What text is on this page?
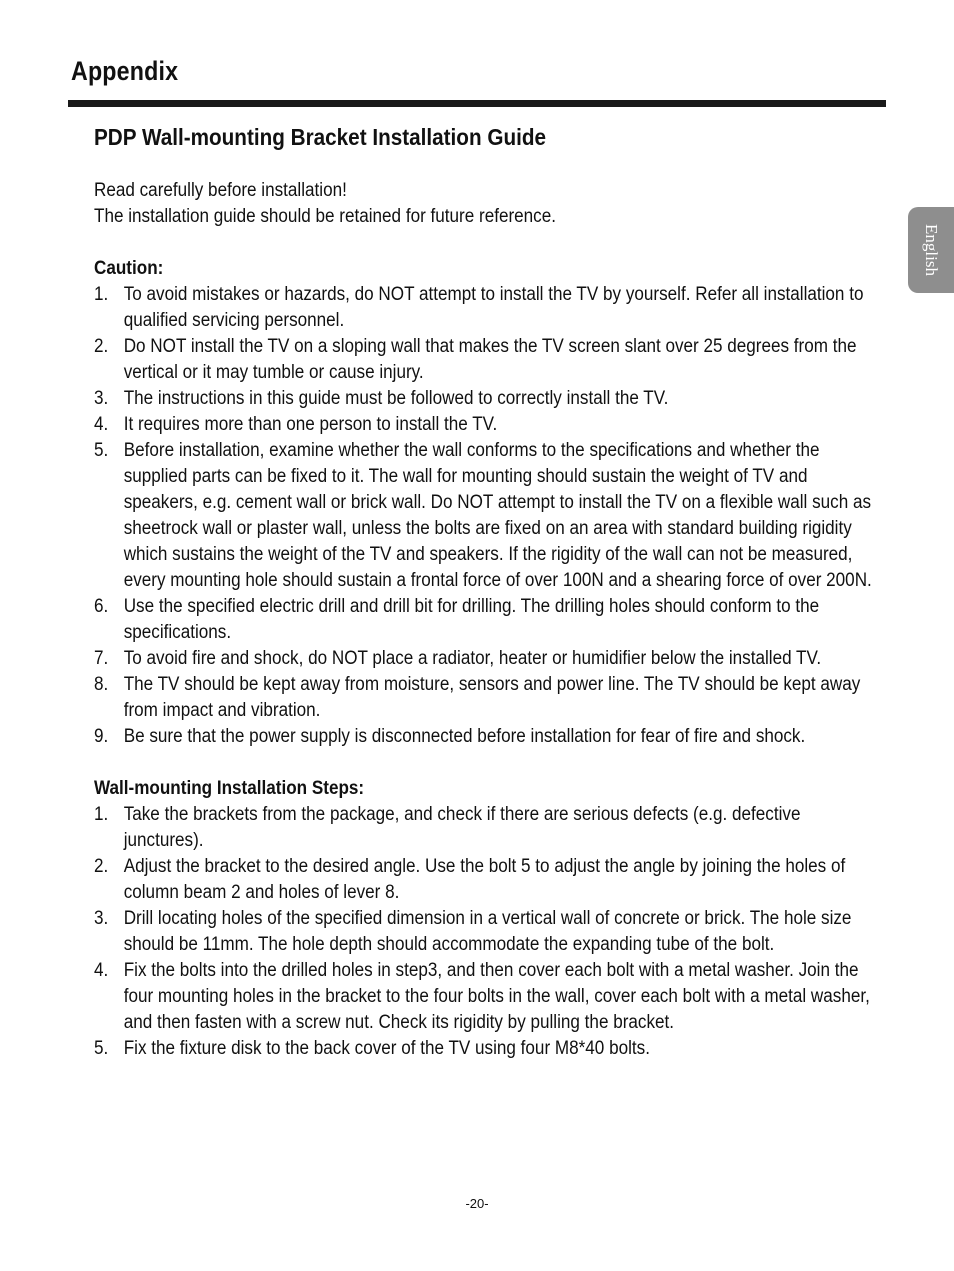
Appendix
English
PDP Wall-mounting Bracket Installation Guide

Read carefully before installation!

The installation guide should be retained for future reference.

Caution:
1. To avoid mistakes or hazards, do NOT attempt to install the TV by yourself. Refer all installation to qualified servicing personnel.
2. Do NOT install the TV on a sloping wall that makes the TV screen slant over 25 degrees from the vertical or it may tumble or cause injury.
3. The instructions in this guide must be followed to correctly install the TV.
4. It requires more than one person to install the TV.
5. Before installation, examine whether the wall conforms to the specifications and whether the supplied parts can be fixed to it. The wall for mounting should sustain the weight of TV and speakers, e.g. cement wall or brick wall. Do NOT attempt to install the TV on a flexible wall such as sheetrock wall or plaster wall, unless the bolts are fixed on an area with standard building rigidity which sustains the weight of the TV and speakers. If the rigidity of the wall can not be measured, every mounting hole should sustain a frontal force of over 100N and a shearing force of over 200N.
6. Use the specified electric drill and drill bit for drilling. The drilling holes should conform to the specifications.
7. To avoid fire and shock, do NOT place a radiator, heater or humidifier below the installed TV.
8. The TV should be kept away from moisture, sensors and power line. The TV should be kept away from impact and vibration.
9. Be sure that the power supply is disconnected before installation for fear of fire and shock.
Wall-mounting Installation Steps:
1. Take the brackets from the package, and check if there are serious defects (e.g. defective junctures).
2. Adjust the bracket to the desired angle. Use the bolt 5 to adjust the angle by joining the holes of column beam 2 and holes of lever 8.
3. Drill locating holes of the specified dimension in a vertical wall of concrete or brick. The hole size should be 11mm. The hole depth should accommodate the expanding tube of the bolt.
4. Fix the bolts into the drilled holes in step3, and then cover each bolt with a metal washer. Join the four mounting holes in the bracket to the four bolts in the wall, cover each bolt with a metal washer, and then fasten with a screw nut. Check its rigidity by pulling the bracket.
5. Fix the fixture disk to the back cover of the TV using four M8*40 bolts.
-20-
